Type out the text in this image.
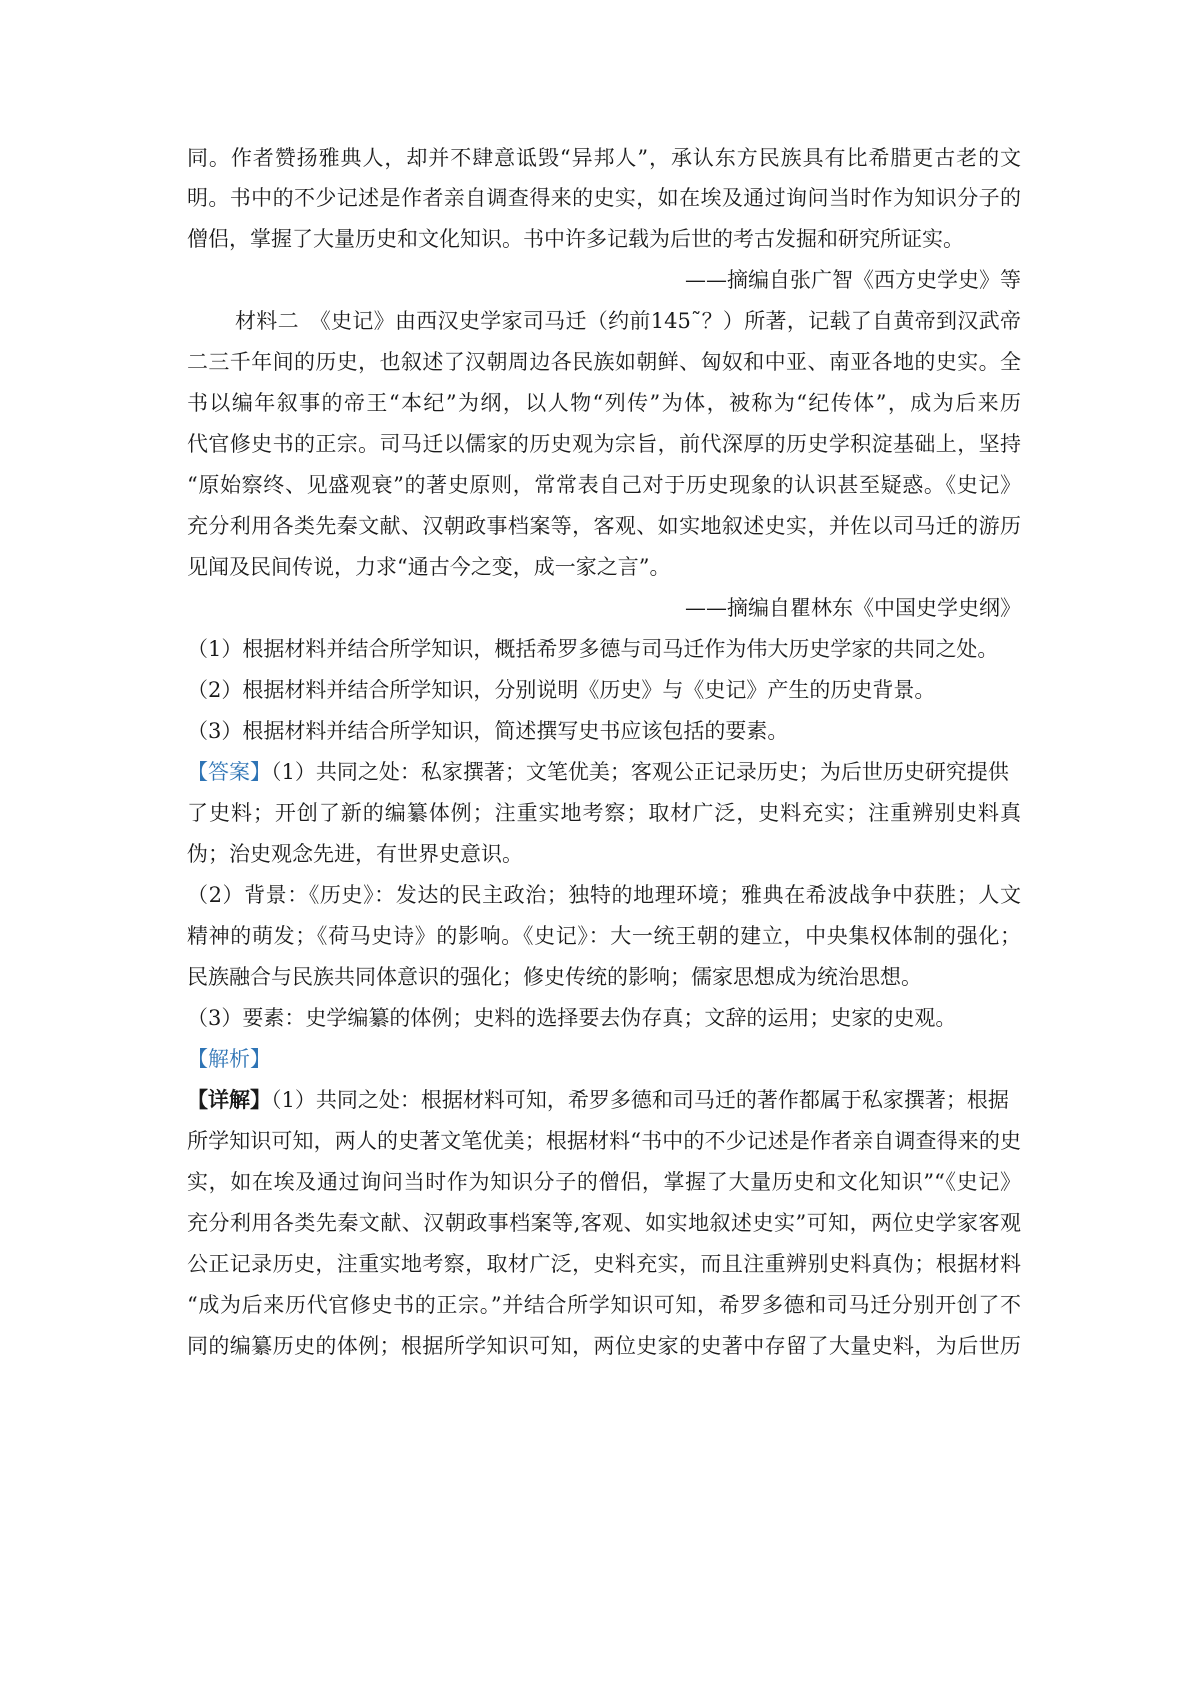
同。作者赞扬雅典人，却并不肆意诋毁“异邦人”，承认东方民族具有比希腊更古老的文
明。书中的不少记述是作者亲自调查得来的史实，如在埃及通过询问当时作为知识分子的
僧侣，掌握了大量历史和文化知识。书中许多记载为后世的考古发掘和研究所证实。
——摘编自张广智《西方史学史》等
材料二　《史记》由西汉史学家司马迁（约前145˜？）所著，记载了自黄帝到汉武帝
二三千年间的历史，也叙述了汉朝周边各民族如朝鲜、匈奴和中亚、南亚各地的史实。全
书以编年叙事的帝王“本纪”为纲，以人物“列传”为体，被称为“纪传体”，成为后来历
代官修史书的正宗。司马迁以儒家的历史观为宗旨，前代深厚的历史学积淀基础上，坚持
“原始察终、见盛观衰”的著史原则，常常表自己对于历史现象的认识甚至疑惑。《史记》
充分利用各类先秦文献、汉朝政事档案等，客观、如实地叙述史实，并佐以司马迁的游历
见闻及民间传说，力求“通古今之变，成一家之言”。
——摘编自瞿林东《中国史学史纲》
（1）根据材料并结合所学知识，概括希罗多德与司马迁作为伟大历史学家的共同之处。
（2）根据材料并结合所学知识，分别说明《历史》与《史记》产生的历史背景。
（3）根据材料并结合所学知识，简述撰写史书应该包括的要素。
【答案】（1）共同之处：私家撰著；文笔优美；客观公正记录历史；为后世历史研究提供
了史料；开创了新的编纂体例；注重实地考察；取材广泛，史料充实；注重辨别史料真
伪；治史观念先进，有世界史意识。
（2）背景：《历史》：发达的民主政治；独特的地理环境；雅典在希波战争中获胜；人文
精神的萌发；《荷马史诗》的影响。《史记》：大一统王朝的建立，中央集权体制的强化；
民族融合与民族共同体意识的强化；修史传统的影响；儒家思想成为统治思想。
（3）要素：史学编纂的体例；史料的选择要去伪存真；文辞的运用；史家的史观。
【解析】
【详解】（1）共同之处：根据材料可知，希罗多德和司马迁的著作都属于私家撰著；根据
所学知识可知，两人的史著文笔优美；根据材料“书中的不少记述是作者亲自调查得来的史
实，如在埃及通过询问当时作为知识分子的僧侣，掌握了大量历史和文化知识”“《史记》
充分利用各类先秦文献、汉朝政事档案等,客观、如实地叙述史实”可知，两位史学家客观
公正记录历史，注重实地考察，取材广泛，史料充实，而且注重辨别史料真伪；根据材料
“成为后来历代官修史书的正宗。”并结合所学知识可知，希罗多德和司马迁分别开创了不
同的编纂历史的体例；根据所学知识可知，两位史家的史著中存留了大量史料，为后世历
